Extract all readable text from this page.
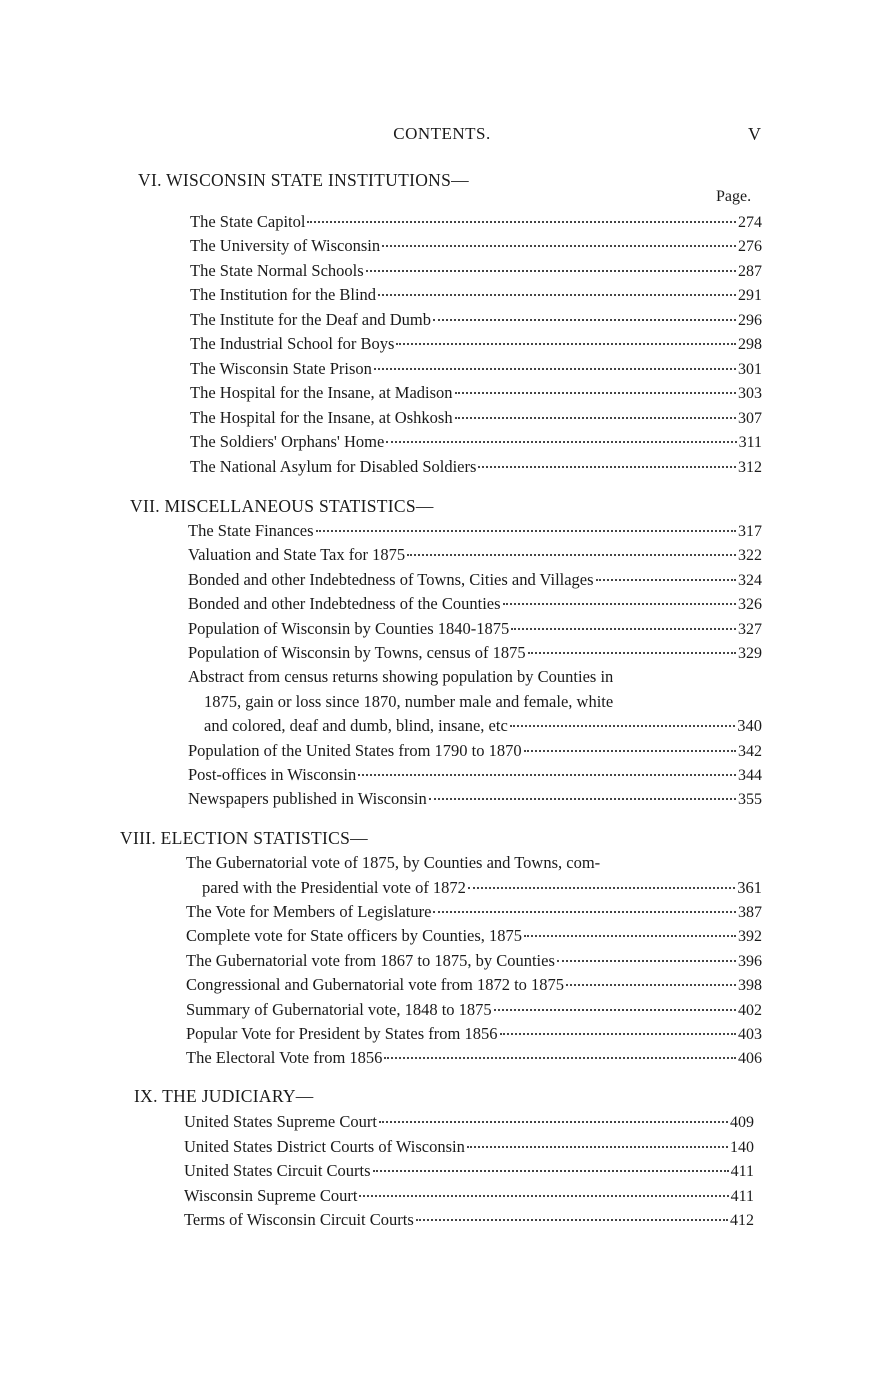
CONTENTS.	V
VI. WISCONSIN STATE INSTITUTIONS—
Page.
The State Capitol	274
The University of Wisconsin	276
The State Normal Schools	287
The Institution for the Blind	291
The Institute for the Deaf and Dumb	296
The Industrial School for Boys	298
The Wisconsin State Prison	301
The Hospital for the Insane, at Madison	303
The Hospital for the Insane, at Oshkosh	307
The Soldiers' Orphans' Home	311
The National Asylum for Disabled Soldiers	312
VII. MISCELLANEOUS STATISTICS—
The State Finances	317
Valuation and State Tax for 1875	322
Bonded and other Indebtedness of Towns, Cities and Villages	324
Bonded and other Indebtedness of the Counties	326
Population of Wisconsin by Counties 1840-1875	327
Population of Wisconsin by Towns, census of 1875	329
Abstract from census returns showing population by Counties in
1875, gain or loss since 1870, number male and female, white
and colored, deaf and dumb, blind, insane, etc	340
Population of the United States from 1790 to 1870	342
Post-offices in Wisconsin	344
Newspapers published in Wisconsin	355
VIII. ELECTION STATISTICS—
The Gubernatorial vote of 1875, by Counties and Towns, com-
pared with the Presidential vote of 1872	361
The Vote for Members of Legislature	387
Complete vote for State officers by Counties, 1875	392
The Gubernatorial vote from 1867 to 1875, by Counties	396
Congressional and Gubernatorial vote from 1872 to 1875	398
Summary of Gubernatorial vote, 1848 to 1875	402
Popular Vote for President by States from 1856	403
The Electoral Vote from 1856	406
IX. THE JUDICIARY—
United States Supreme Court	409
United States District Courts of Wisconsin	140
United States Circuit Courts	411
Wisconsin Supreme Court	411
Terms of Wisconsin Circuit Courts	412
